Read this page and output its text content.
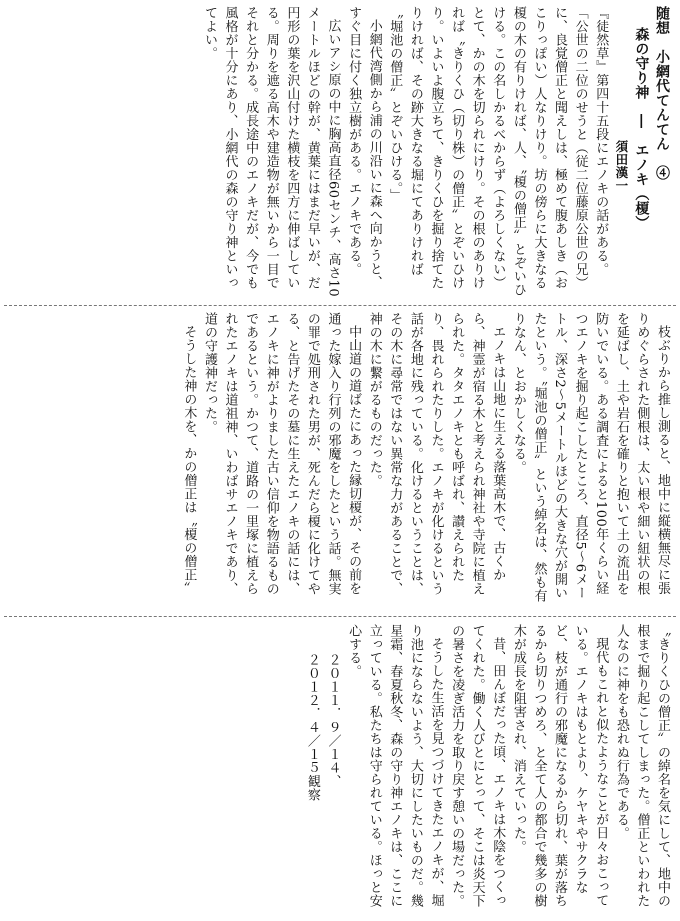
随想　小網代てんてん　④
森の守り神　―　エノキ（榎）
須田漢一
『徒然草』第四十五段にエノキの話がある。
「公世の二位のせうと（従二位藤原公世の兄）に、良覚僧正と聞えしは、極めて腹あしき（おこりっぽい）人なりけり。坊の傍らに大きなる榎の木の有りければ、人、〝榎の僧正〟とぞいひける。この名しかるべからず（よろしくない）とて、かの木を切られにけり。その根のありければ〝きりくひ（切り株）の僧正〟とぞいひけり。いよいよ腹立ちて、きりくひを掘り捨てたりければ、その跡大きなる堀にてありければ〝堀池の僧正〟とぞいひける。」
小網代湾側から浦の川沿いに森へ向かうと、すぐ目に付く独立樹がある。エノキである。
広いアシ原の中に胸高直径60センチ、高さ10メートルほどの幹が、黄葉にはまだ早いが、だ円形の葉を沢山付けた横枝を四方に伸ばしている。周りを遮る高木や建造物が無いから一目でそれと分かる。成長途中のエノキだが、今でも風格が十分にあり、小網代の森の守り神といってよい。
枝ぶりから推し測ると、地中に縦横無尽に張りめぐらされた側根は、太い根や細い紐状の根を延ばし、土や岩石を確りと抱いて土の流出を防いでいる。ある調査によると100年くらい経つエノキを掘り起こしたところ、直径5〜6メートル、深さ2〜5メートルほどの大きな穴が開いたという。〝堀池の僧正〟という綽名は、然も有りなん、とおかしくなる。
エノキは山地に生える落葉高木で、古くから、神霊が宿る木と考えられ神社や寺院に植えられた。タタエノキとも呼ばれ、讃えられたり、畏れられたりした。エノキが化けるという話が各地に残っている。化けるということは、その木に尋常ではない異常な力があることで、神の木に繋がるものだった。
中山道の道ばたにあった縁切榎が、その前を通った嫁入り行列の邪魔をしたという話。無実の罪で処刑された男が、死んだら榎に化けてやる、と告げたその墓に生えたエノキの話には、エノキに神がよりました古い信仰を物語るものであるという。かつて、道路の一里塚に植えられたエノキは道祖神、いわばサエノキであり、道の守護神だった。
そうした神の木を、かの僧正は〝榎の僧正〟
〝きりくひの僧正〟の綽名を気にして、地中の根まで掘り起こしてしまった。僧正といわれた人なのに神をも恐れぬ行為である。
現代もこれと似たようなことが日々おこっている。エノキはもとより、ケヤキやサクラなど、枝が通行の邪魔になるから切れ、葉が落ちるから切りつめろ、と全て人の都合で幾多の樹木が成長を阻害され、消えていった。
昔、田んぼだった頃、エノキは木陰をつくってくれた。働く人びとにとって、そこは炎天下の暑さを凌ぎ活力を取り戻す憩いの場だった。
そうした生活を見つづけてきたエノキが、堀り池にならないよう、大切にしたいものだ。幾星霜、春夏秋冬、森の守り神エノキは、ここに立っている。私たちは守られている。ほっと安心する。
２０１１．９／１４、
２０１２．４／１５観察
